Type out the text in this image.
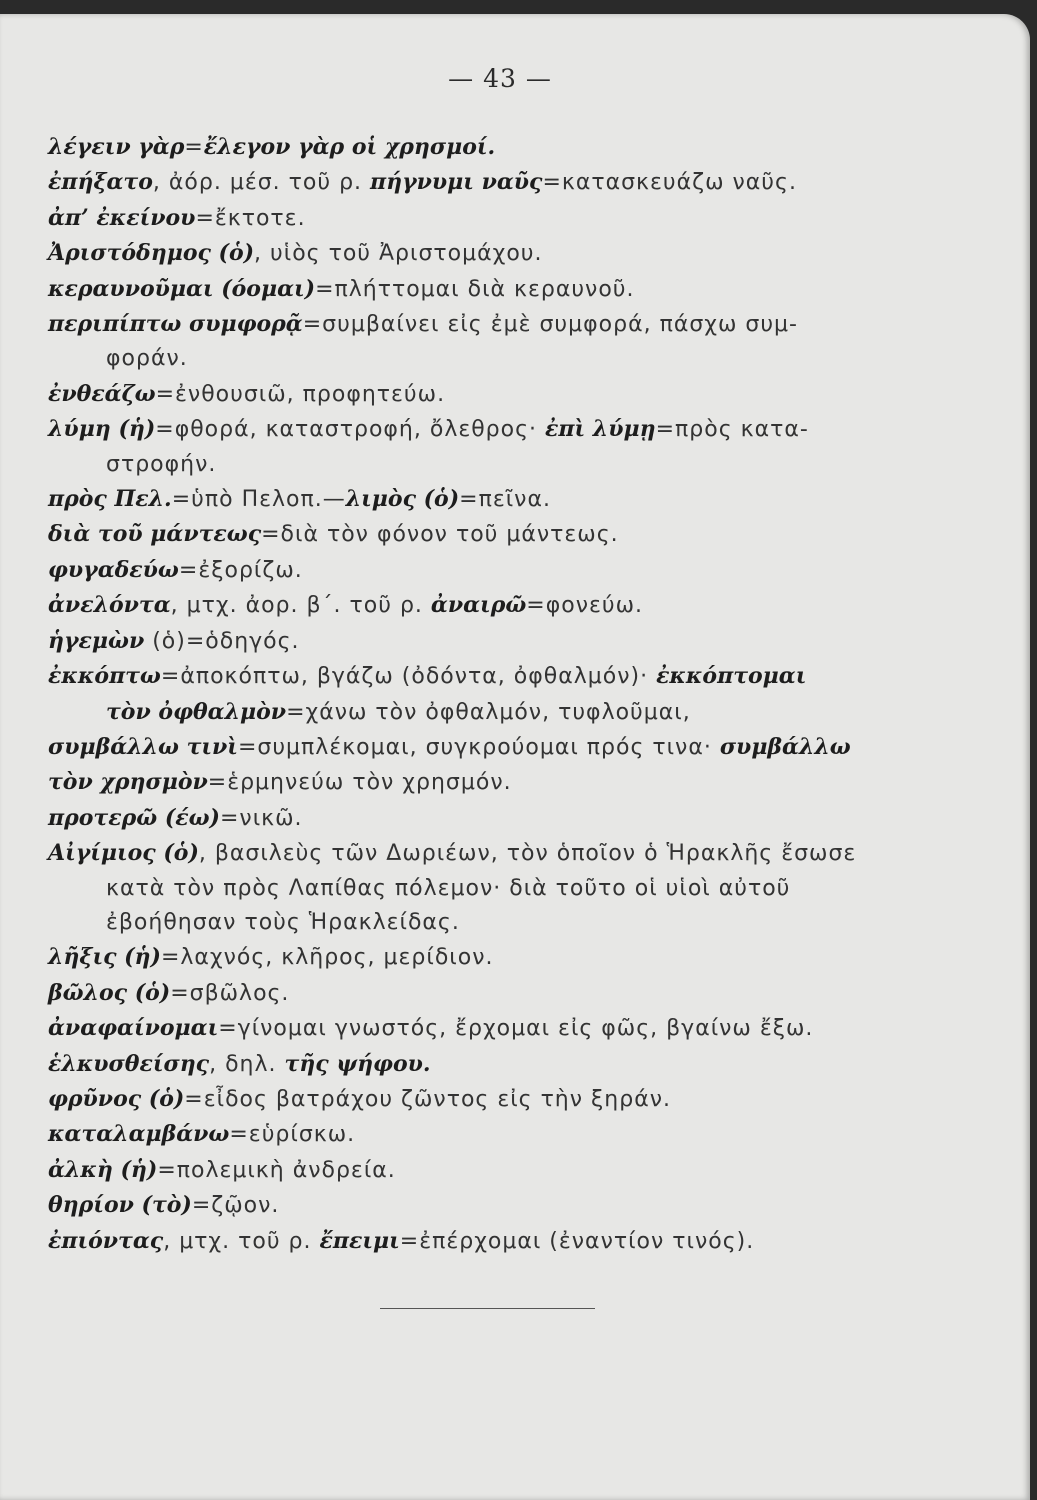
— 43 —
λέγειν γὰρ=ἔλεγον γὰρ οἱ χρησμοί.
ἐπήξατο, ἀόρ. μέσ. τοῦ ρ. πήγνυμι ναῦς=κατασκευάζω ναῦς.
ἀπ’ ἐκείνου=ἔκτοτε.
Ἀριστόδημος (ὁ), υἱὸς τοῦ Ἀριστομάχου.
κεραυνοῦμαι (όομαι)=πλήττομαι διὰ κεραυνοῦ.
περιπίπτω συμφορᾷ=συμβαίνει εἰς ἐμὲ συμφορά, πάσχω συμ-
φοράν.
ἐνθεάζω=ἐνθουσιῶ, προφητεύω.
λύμη (ἡ)=φθορά, καταστροφή, ὄλεθρος· ἐπὶ λύμῃ=πρὸς κατα-
στροφήν.
πρὸς Πελ.=ὑπὸ Πελοπ.—λιμὸς (ὁ)=πεῖνα.
διὰ τοῦ μάντεως=διὰ τὸν φόνον τοῦ μάντεως.
φυγαδεύω=ἐξορίζω.
ἀνελόντα, μτχ. ἀορ. β΄. τοῦ ρ. ἀναιρῶ=φονεύω.
ἡγεμὼν (ὁ)=ὁδηγός.
ἐκκόπτω=ἀποκόπτω, βγάζω (ὀδόντα, ὀφθαλμόν)· ἐκκόπτομαι
τὸν ὀφθαλμὸν=χάνω τὸν ὀφθαλμόν, τυφλοῦμαι,
συμβάλλω τινὶ=συμπλέκομαι, συγκρούομαι πρός τινα· συμβάλλω
τὸν χρησμὸν=ἑρμηνεύω τὸν χρησμόν.
προτερῶ (έω)=νικῶ.
Αἰγίμιος (ὁ), βασιλεὺς τῶν Δωριέων, τὸν ὁποῖον ὁ Ἡρακλῆς ἔσωσε
κατὰ τὸν πρὸς Λαπίθας πόλεμον· διὰ τοῦτο οἱ υἱοὶ αὐτοῦ
ἐβοήθησαν τοὺς Ἡρακλείδας.
λῆξις (ἡ)=λαχνός, κλῆρος, μερίδιον.
βῶλος (ὁ)=σβῶλος.
ἀναφαίνομαι=γίνομαι γνωστός, ἔρχομαι εἰς φῶς, βγαίνω ἔξω.
ἑλκυσθείσης, δηλ. τῆς ψήφου.
φρῦνος (ὁ)=εἶδος βατράχου ζῶντος εἰς τὴν ξηράν.
καταλαμβάνω=εὑρίσκω.
ἀλκὴ (ἡ)=πολεμικὴ ἀνδρεία.
θηρίον (τὸ)=ζῷον.
ἐπιόντας, μτχ. τοῦ ρ. ἔπειμι=ἐπέρχομαι (ἐναντίον τινός).
